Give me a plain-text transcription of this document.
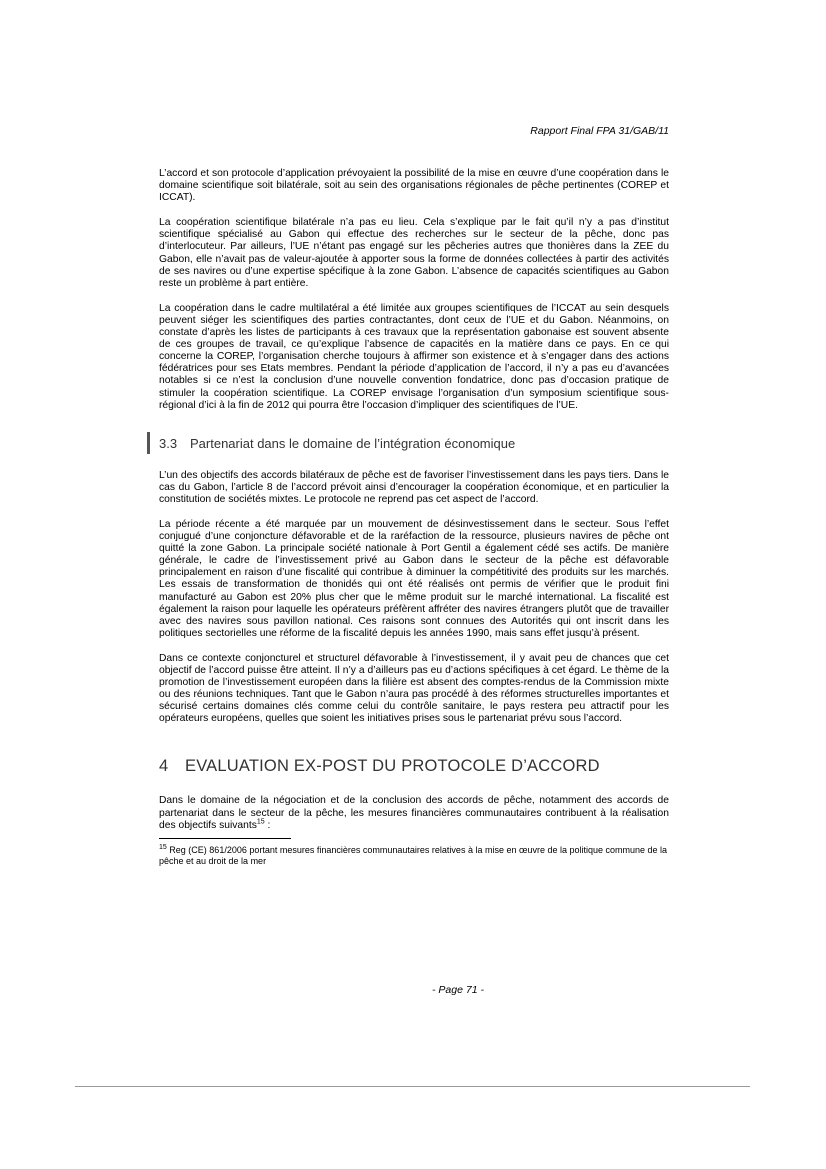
Rapport Final FPA 31/GAB/11

L’accord et son protocole d’application prévoyaient la possibilité de la mise en œuvre d’une coopération dans le domaine scientifique soit bilatérale, soit au sein des organisations régionales de pêche pertinentes (COREP et ICCAT).

La coopération scientifique bilatérale n’a pas eu lieu. Cela s’explique par le fait qu’il n’y a pas d’institut scientifique spécialisé au Gabon qui effectue des recherches sur le secteur de la pêche, donc pas d’interlocuteur. Par ailleurs, l’UE n’étant pas engagé sur les pêcheries autres que thonières dans la ZEE du Gabon, elle n’avait pas de valeur-ajoutée à apporter sous la forme de données collectées à partir des activités de ses navires ou d’une expertise spécifique à la zone Gabon. L’absence de capacités scientifiques au Gabon reste un problème à part entière.

La coopération dans le cadre multilatéral a été limitée aux groupes scientifiques de l’ICCAT au sein desquels peuvent siéger les scientifiques des parties contractantes, dont ceux de l’UE et du Gabon. Néanmoins, on constate d’après les listes de participants à ces travaux que la représentation gabonaise est souvent absente de ces groupes de travail, ce qu’explique l’absence de capacités en la matière dans ce pays. En ce qui concerne la COREP, l’organisation cherche toujours à affirmer son existence et à s’engager dans des actions fédératrices pour ses Etats membres. Pendant la période d’application de l’accord, il n’y a pas eu d’avancées notables si ce n’est la conclusion d’une nouvelle convention fondatrice, donc pas d’occasion pratique de stimuler la coopération scientifique. La COREP envisage l’organisation d’un symposium scientifique sous-régional d’ici à la fin de 2012 qui pourra être l’occasion d’impliquer des scientifiques de l’UE.

3.3 Partenariat dans le domaine de l’intégration économique

L’un des objectifs des accords bilatéraux de pêche est de favoriser l’investissement dans les pays tiers. Dans le cas du Gabon, l’article 8 de l’accord prévoit ainsi d’encourager la coopération économique, et en particulier la constitution de sociétés mixtes. Le protocole ne reprend pas cet aspect de l’accord.

La période récente a été marquée par un mouvement de désinvestissement dans le secteur. Sous l’effet conjugué d’une conjoncture défavorable et de la raréfaction de la ressource, plusieurs navires de pêche ont quitté la zone Gabon. La principale société nationale à Port Gentil a également cédé ses actifs. De manière générale, le cadre de l’investissement privé au Gabon dans le secteur de la pêche est défavorable principalement en raison d’une fiscalité qui contribue à diminuer la compétitivité des produits sur les marchés. Les essais de transformation de thonidés qui ont été réalisés ont permis de vérifier que le produit fini manufacturé au Gabon est 20% plus cher que le même produit sur le marché international. La fiscalité est également la raison pour laquelle les opérateurs préfèrent affréter des navires étrangers plutôt que de travailler avec des navires sous pavillon national. Ces raisons sont connues des Autorités qui ont inscrit dans les politiques sectorielles une réforme de la fiscalité depuis les années 1990, mais sans effet jusqu’à présent.

Dans ce contexte conjoncturel et structurel défavorable à l’investissement, il y avait peu de chances que cet objectif de l’accord puisse être atteint. Il n’y a d’ailleurs pas eu d’actions spécifiques à cet égard. Le thème de la promotion de l’investissement européen dans la filière est absent des comptes-rendus de la Commission mixte ou des réunions techniques. Tant que le Gabon n’aura pas procédé à des réformes structurelles importantes et sécurisé certains domaines clés comme celui du contrôle sanitaire, le pays restera peu attractif pour les opérateurs européens, quelles que soient les initiatives prises sous le partenariat prévu sous l’accord.

4 EVALUATION EX-POST DU PROTOCOLE D’ACCORD

Dans le domaine de la négociation et de la conclusion des accords de pêche, notamment des accords de partenariat dans le secteur de la pêche, les mesures financières communautaires contribuent à la réalisation des objectifs suivants$^{15}$ :

$^{15}$ Reg (CE) 861/2006 portant mesures financières communautaires relatives à la mise en œuvre de la politique commune de la pêche et au droit de la mer

- Page 71 -
